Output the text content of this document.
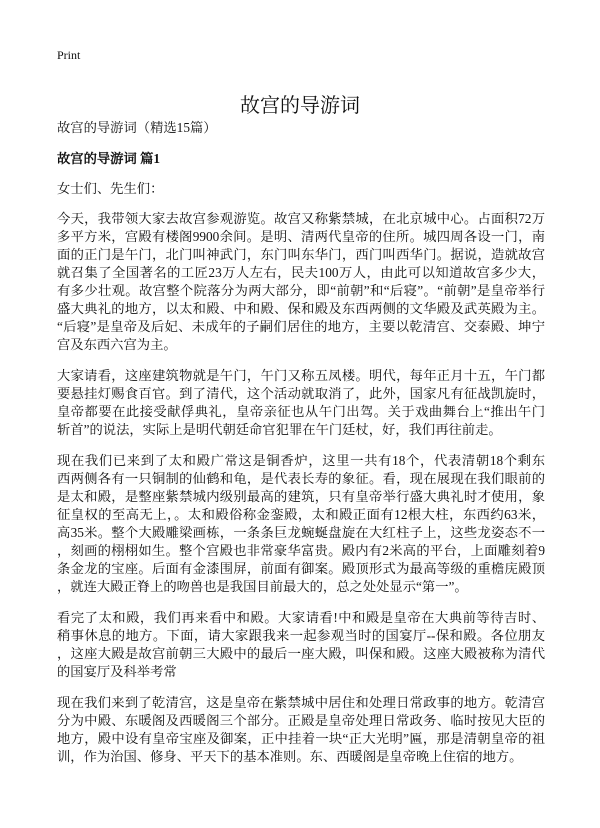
Print
故宫的导游词
故宫的导游词（精选15篇）
故宫的导游词 篇1
女士们、先生们：

今天，我带领大家去故宫参观游览。故宫又称紫禁城，在北京城中心。占面积72万
多平方米，宫殿有楼阁9900余间。是明、清两代皇帝的住所。城四周各设一门，南
面的正门是午门，北门叫神武门，东门叫东华门，西门叫西华门。据说，造就故宫
就召集了全国著名的工匠23万人左右，民夫100万人，由此可以知道故宫多少大，
有多少壮观。故宫整个院落分为两大部分，即“前朝”和“后寝”。“前朝”是皇帝举行
盛大典礼的地方，以太和殿、中和殿、保和殿及东西两侧的文华殿及武英殿为主。
“后寝”是皇帝及后妃、未成年的子嗣们居住的地方，主要以乾清宫、交泰殿、坤宁
宫及东西六宫为主。

大家请看，这座建筑物就是午门，午门又称五凤楼。明代，每年正月十五，午门都
要悬挂灯赐食百官。到了清代，这个活动就取消了，此外，国家凡有征战凯旋时，
皇帝都要在此接受献俘典礼，皇帝亲征也从午门出驾。关于戏曲舞台上“推出午门
斩首”的说法，实际上是明代朝廷命官犯罪在午门廷杖，好，我们再往前走。

现在我们已来到了太和殿广常这是铜香炉，这里一共有18个，代表清朝18个剩东
西两侧各有一只铜制的仙鹤和龟，是代表长寿的象征。看，现在展现在我们眼前的
是太和殿，是整座紫禁城内级别最高的建筑，只有皇帝举行盛大典礼时才使用，象
征皇权的至高无上，。太和殿俗称金銮殿，太和殿正面有12根大柱，东西约63米，
高35米。整个大殿雕梁画栋，一条条巨龙蜿蜒盘旋在大红柱子上，这些龙姿态不一
，刻画的栩栩如生。整个宫殿也非常豪华富贵。殿内有2米高的平台，上面雕刻着9
条金龙的宝座。后面有金漆围屏，前面有御案。殿顶形式为最高等级的重檐庑殿顶
，就连大殿正脊上的吻兽也是我国目前最大的，总之处处显示“第一”。

看完了太和殿，我们再来看中和殿。大家请看!中和殿是皇帝在大典前等待吉时、
稍事休息的地方。下面，请大家跟我来一起参观当时的国宴厅--保和殿。各位朋友
，这座大殿是故宫前朝三大殿中的最后一座大殿，叫保和殿。这座大殿被称为清代
的国宴厅及科举考常

现在我们来到了乾清宫，这是皇帝在紫禁城中居住和处理日常政事的地方。乾清宫
分为中殿、东暖阁及西暖阁三个部分。正殿是皇帝处理日常政务、临时按见大臣的
地方，殿中设有皇帝宝座及御案，正中挂着一块“正大光明”匾，那是清朝皇帝的祖
训，作为治国、修身、平天下的基本准则。东、西暖阁是皇帝晚上住宿的地方。
